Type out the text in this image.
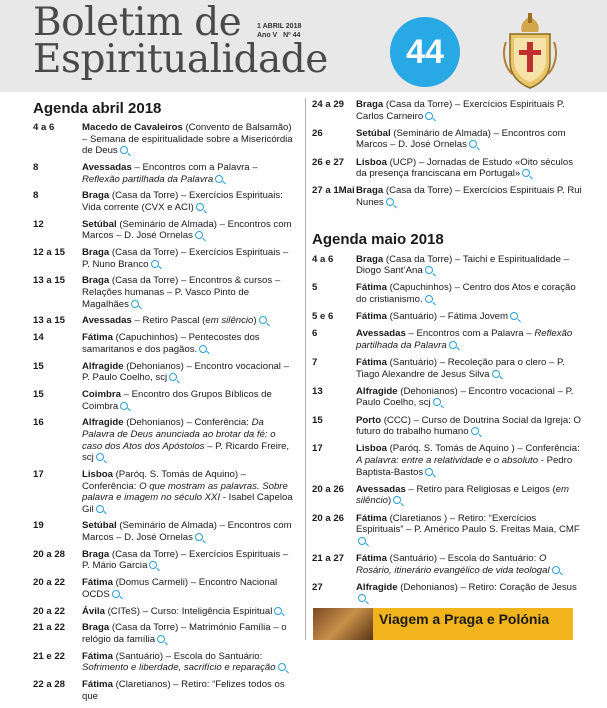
Boletim de
Espiritualidade
1 ABRIL 2018
Ano V Nº 44	44
Agenda abril 2018
4 a 6	Macedo de Cavaleiros (Convento de Balsamão) – Semana de espiritualidade sobre a Misericórdia de Deus
8	Avessadas – Encontros com a Palavra – Reflexão partilhada da Palavra
8	Braga (Casa da Torre) – Exercícios Espirituais: Vida corrente (CVX e ACI)
12	Setúbal (Seminário de Almada) – Encontros com Marcos – D. José Ornelas
12 a 15	Braga (Casa da Torre) – Exercícios Espirituais – P. Nuno Branco
13 a 15	Braga (Casa da Torre) – Encontros & cursos – Relações humanas – P. Vasco Pinto de Magalhães
13 a 15	Avessadas – Retiro Pascal (em silêncio)
14	Fátima (Capuchinhos) – Pentecostes dos samaritanos e dos pagãos.
15	Alfragide (Dehonianos) – Encontro vocacional – P. Paulo Coelho, scj
15	Coimbra – Encontro dos Grupos Bíblicos de Coimbra
16	Alfragide (Dehonianos) – Conferência: Da Palavra de Deus anunciada ao brotar da fé: o caso dos Atos dos Apóstolos – P. Ricardo Freire, scj
17	Lisboa (Paróq. S. Tomás de Aquino) – Conferência: O que mostram as palavras. Sobre palavra e imagem no século XXI - Isabel Capeloa Gil
19	Setúbal (Seminário de Almada) – Encontros com Marcos – D. José Ornelas
20 a 28	Braga (Casa da Torre) – Exercícios Espirituais – P. Mário Garcia
20 a 22	Fátima (Domus Carmeli) – Encontro Nacional OCDS
20 a 22	Ávila (CITeS) – Curso: Inteligência Espiritual
21 a 22	Braga (Casa da Torre) – Matrimónio Família – o relógio da família
21 e 22	Fátima (Santuário) – Escola do Santuário: Sofrimento e liberdade, sacrifício e reparação
22 a 28	Fátima (Claretianos) – Retiro: “Felizes todos os que
24 a 29	Braga (Casa da Torre) – Exercícios Espirituais P. Carlos Carneiro
26	Setúbal (Seminário de Almada) – Encontros com Marcos – D. José Ornelas
26 e 27	Lisboa (UCP) – Jornadas de Estudo «Oito séculos da presença franciscana em Portugal»
27 a 1Mai Braga (Casa da Torre) – Exercícios Espirituais P. Rui Nunes
Agenda maio 2018
4 a 6	Braga (Casa da Torre) – Taichi e Espiritualidade – Diogo Sant’Ana
5	Fátima (Capuchinhos) – Centro dos Atos e coração do cristianismo.
5 e 6	Fátima (Santuário) – Fátima Jovem
6	Avessadas – Encontros com a Palavra – Reflexão partilhada da Palavra
7	Fátima (Santuário) – Recoleção para o clero – P. Tiago Alexandre de Jesus Silva
13	Alfragide (Dehonianos) – Encontro vocacional – P. Paulo Coelho, scj
15	Porto (CCC) – Curso de Doutrina Social da Igreja: O futuro do trabalho humano
17	Lisboa (Paróq. S. Tomás de Aquino ) – Conferência: A palavra: entre a relatividade e o absoluto - Pedro Baptista-Bastos
20 a 26	Avessadas – Retiro para Religiosas e Leigos (em silêncio)
20 a 26	Fátima (Claretianos ) – Retiro: “Exercícios Espirituais” – P. Américo Paulo S. Freitas Maia, CMF
21 a 27	Fátima (Santuário) – Escola do Santuário: O Rosário, itinerário evangélico de vida teologal
27	Alfragide (Dehonianos) – Retiro: Coração de Jesus
Viagem a Praga e Polónia
